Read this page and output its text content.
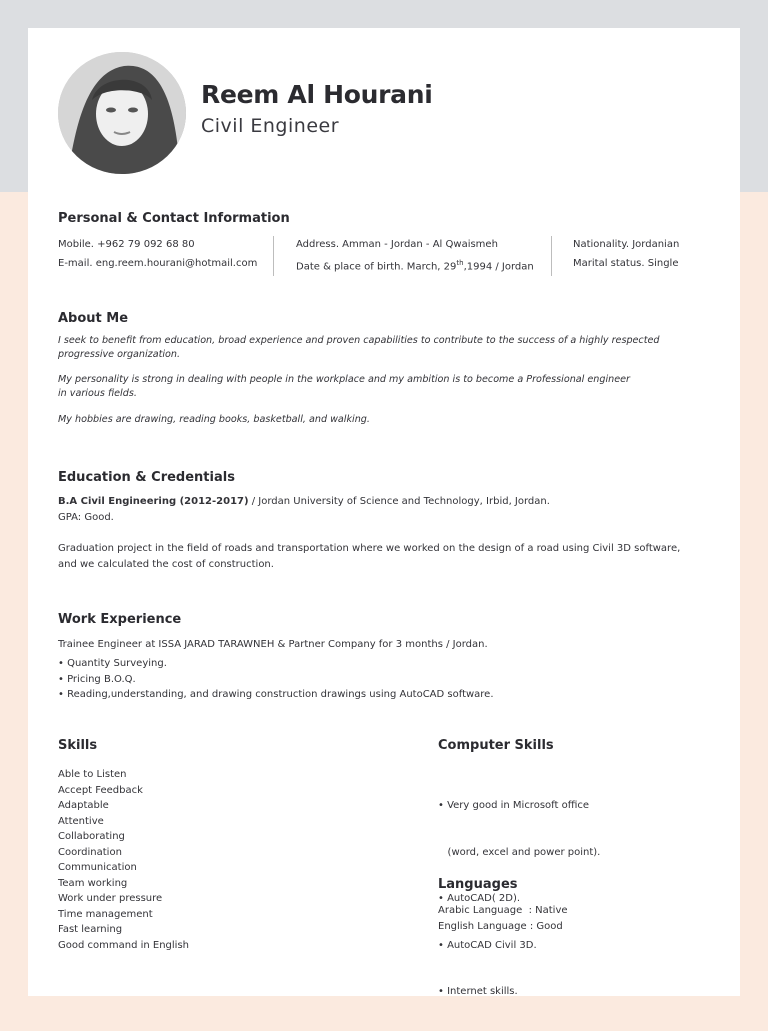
Reem Al Hourani
Civil Engineer
Personal & Contact Information
Mobile. +962 79 092 68 80
E-mail. eng.reem.hourani@hotmail.com
Address. Amman - Jordan - Al Qwaismeh
Date & place of birth. March, 29th,1994 / Jordan
Nationality. Jordanian
Marital status. Single
About Me
I seek to benefit from education, broad experience and proven capabilities to contribute to the success of a highly respected
progressive organization.
My personality is strong in dealing with people in the workplace and my ambition is to become a Professional engineer
in various fields.
My hobbies are drawing, reading books, basketball, and walking.
Education & Credentials
B.A Civil Engineering (2012-2017) / Jordan University of Science and Technology, Irbid, Jordan.
GPA: Good.
Graduation project in the field of roads and transportation where we worked on the design of a road using Civil 3D software,
and we calculated the cost of construction.
Work Experience
Trainee Engineer at ISSA JARAD TARAWNEH & Partner Company for 3 months / Jordan.
• Quantity Surveying.
• Pricing B.O.Q.
• Reading,understanding, and drawing construction drawings using AutoCAD software.
Skills
Able to Listen
Accept Feedback
Adaptable
Attentive
Collaborating
Coordination
Communication
Team working
Work under pressure
Time management
Fast learning
Good command in English
Computer Skills

• Very good in Microsoft office

(word, excel and power point).

• AutoCAD( 2D).

• AutoCAD Civil 3D.

• Internet skills.

Languages
Arabic Language  : Native
English Language : Good
